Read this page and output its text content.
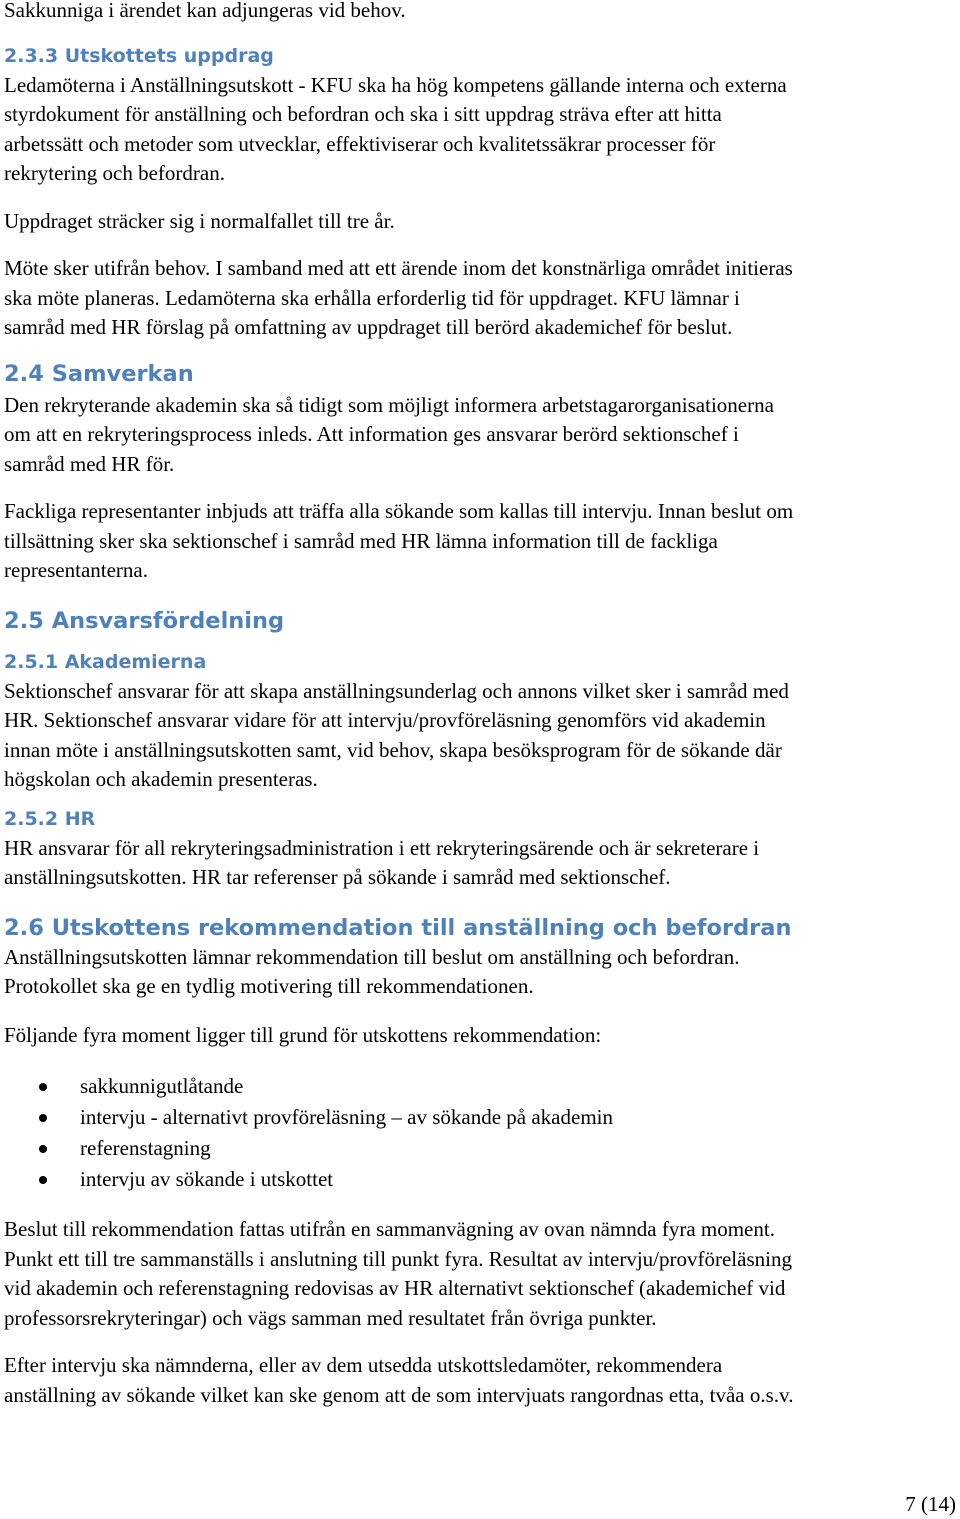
Sakkunniga i ärendet kan adjungeras vid behov.

2.3.3 Utskottets uppdrag

Ledamöterna i Anställningsutskott - KFU ska ha hög kompetens gällande interna och externa

styrdokument för anställning och befordran och ska i sitt uppdrag sträva efter att hitta

arbetssätt och metoder som utvecklar, effektiviserar och kvalitetssäkrar processer för

rekrytering och befordran.

Uppdraget sträcker sig i normalfallet till tre år.

Möte sker utifrån behov. I samband med att ett ärende inom det konstnärliga området initieras

ska möte planeras. Ledamöterna ska erhålla erforderlig tid för uppdraget. KFU lämnar i

samråd med HR förslag på omfattning av uppdraget till berörd akademichef för beslut.

2.4 Samverkan

Den rekryterande akademin ska så tidigt som möjligt informera arbetstagarorganisationerna

om att en rekryteringsprocess inleds. Att information ges ansvarar berörd sektionschef i

samråd med HR för.

Fackliga representanter inbjuds att träffa alla sökande som kallas till intervju. Innan beslut om

tillsättning sker ska sektionschef i samråd med HR lämna information till de fackliga

representanterna.

2.5 Ansvarsfördelning

2.5.1 Akademierna

Sektionschef ansvarar för att skapa anställningsunderlag och annons vilket sker i samråd med

HR. Sektionschef ansvarar vidare för att intervju/provföreläsning genomförs vid akademin

innan möte i anställningsutskotten samt, vid behov, skapa besöksprogram för de sökande där

högskolan och akademin presenteras.

2.5.2 HR

HR ansvarar för all rekryteringsadministration i ett rekryteringsärende och är sekreterare i

anställningsutskotten. HR tar referenser på sökande i samråd med sektionschef.

2.6 Utskottens rekommendation till anställning och befordran

Anställningsutskotten lämnar rekommendation till beslut om anställning och befordran.

Protokollet ska ge en tydlig motivering till rekommendationen.

Följande fyra moment ligger till grund för utskottens rekommendation:

sakkunnigutlåtande
intervju - alternativt provföreläsning – av sökande på akademin
referenstagning
intervju av sökande i utskottet

Beslut till rekommendation fattas utifrån en sammanvägning av ovan nämnda fyra moment.

Punkt ett till tre sammanställs i anslutning till punkt fyra. Resultat av intervju/provföreläsning

vid akademin och referenstagning redovisas av HR alternativt sektionschef (akademichef vid

professorsrekryteringar) och vägs samman med resultatet från övriga punkter.

Efter intervju ska nämnderna, eller av dem utsedda utskottsledamöter, rekommendera

anställning av sökande vilket kan ske genom att de som intervjuats rangordnas etta, tvåa o.s.v.

7 (14)
